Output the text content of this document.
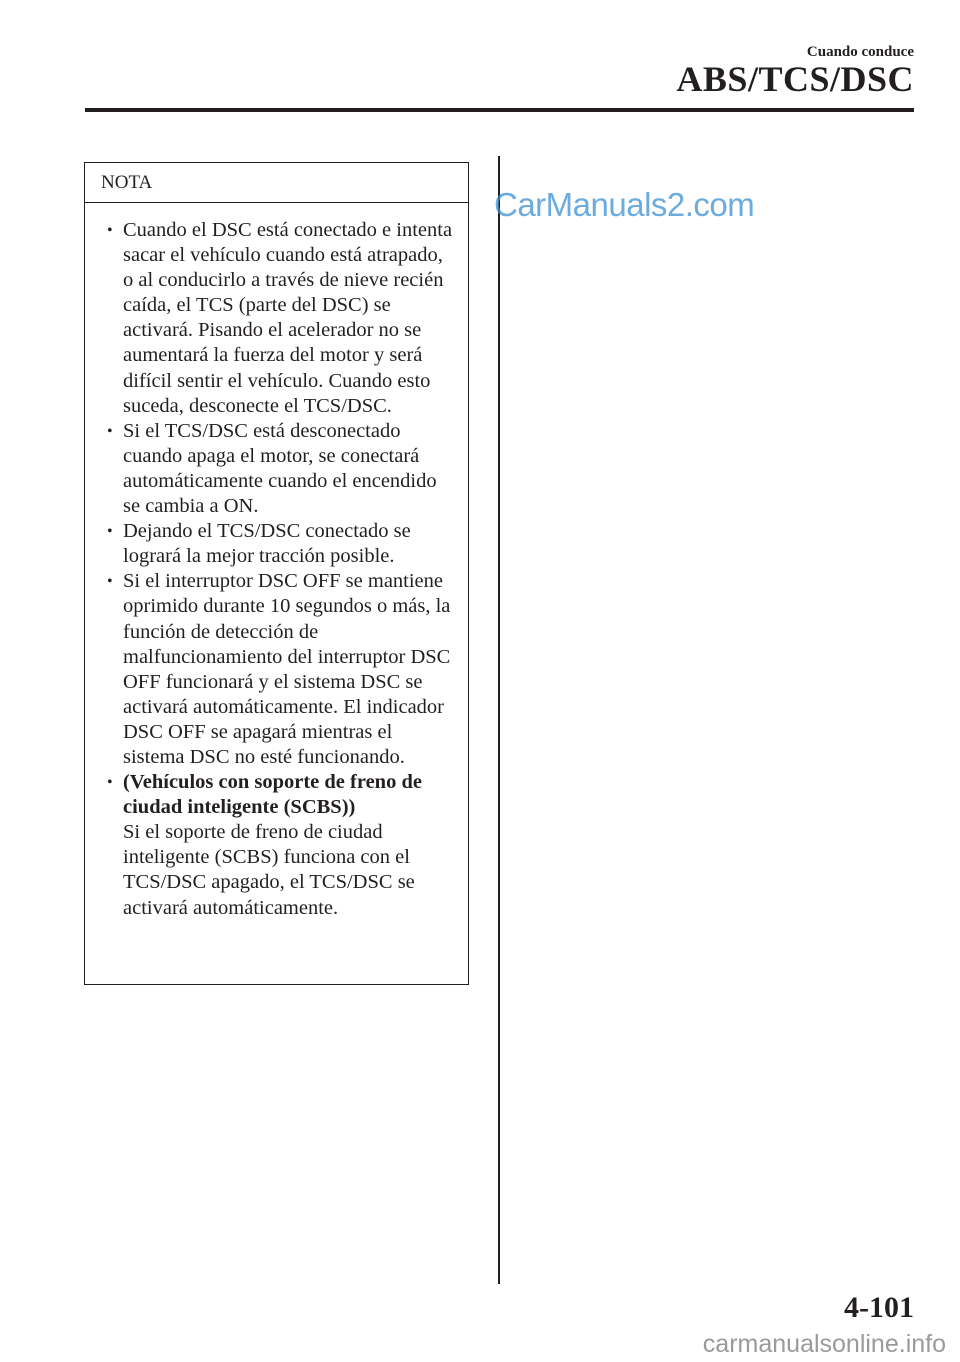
Cuando conduce
ABS/TCS/DSC
NOTA
• Cuando el DSC está conectado e intenta sacar el vehículo cuando está atrapado, o al conducirlo a través de nieve recién caída, el TCS (parte del DSC) se activará. Pisando el acelerador no se aumentará la fuerza del motor y será difícil sentir el vehículo. Cuando esto suceda, desconecte el TCS/DSC.
• Si el TCS/DSC está desconectado cuando apaga el motor, se conectará automáticamente cuando el encendido se cambia a ON.
• Dejando el TCS/DSC conectado se logrará la mejor tracción posible.
• Si el interruptor DSC OFF se mantiene oprimido durante 10 segundos o más, la función de detección de malfuncionamiento del interruptor DSC OFF funcionará y el sistema DSC se activará automáticamente. El indicador DSC OFF se apagará mientras el sistema DSC no esté funcionando.
• (Vehículos con soporte de freno de ciudad inteligente (SCBS))
Si el soporte de freno de ciudad inteligente (SCBS) funciona con el TCS/DSC apagado, el TCS/DSC se activará automáticamente.
CarManuals2.com
4-101
carmanualsonline.info
